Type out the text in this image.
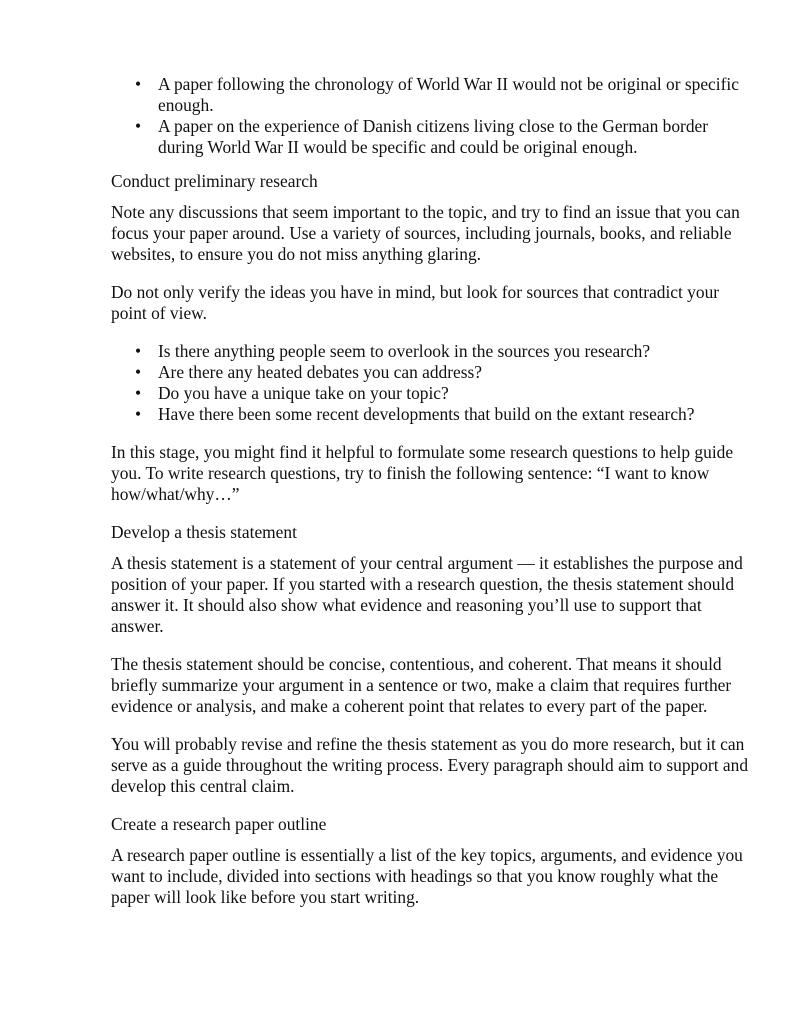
• A paper following the chronology of World War II would not be original or specific enough.
• A paper on the experience of Danish citizens living close to the German border during World War II would be specific and could be original enough.

Conduct preliminary research

Note any discussions that seem important to the topic, and try to find an issue that you can focus your paper around. Use a variety of sources, including journals, books, and reliable websites, to ensure you do not miss anything glaring.

Do not only verify the ideas you have in mind, but look for sources that contradict your point of view.

• Is there anything people seem to overlook in the sources you research?
• Are there any heated debates you can address?
• Do you have a unique take on your topic?
• Have there been some recent developments that build on the extant research?

In this stage, you might find it helpful to formulate some research questions to help guide you. To write research questions, try to finish the following sentence: “I want to know how/what/why…”

Develop a thesis statement

A thesis statement is a statement of your central argument — it establishes the purpose and position of your paper. If you started with a research question, the thesis statement should answer it. It should also show what evidence and reasoning you’ll use to support that answer.

The thesis statement should be concise, contentious, and coherent. That means it should briefly summarize your argument in a sentence or two, make a claim that requires further evidence or analysis, and make a coherent point that relates to every part of the paper.

You will probably revise and refine the thesis statement as you do more research, but it can serve as a guide throughout the writing process. Every paragraph should aim to support and develop this central claim.

Create a research paper outline

A research paper outline is essentially a list of the key topics, arguments, and evidence you want to include, divided into sections with headings so that you know roughly what the paper will look like before you start writing.
